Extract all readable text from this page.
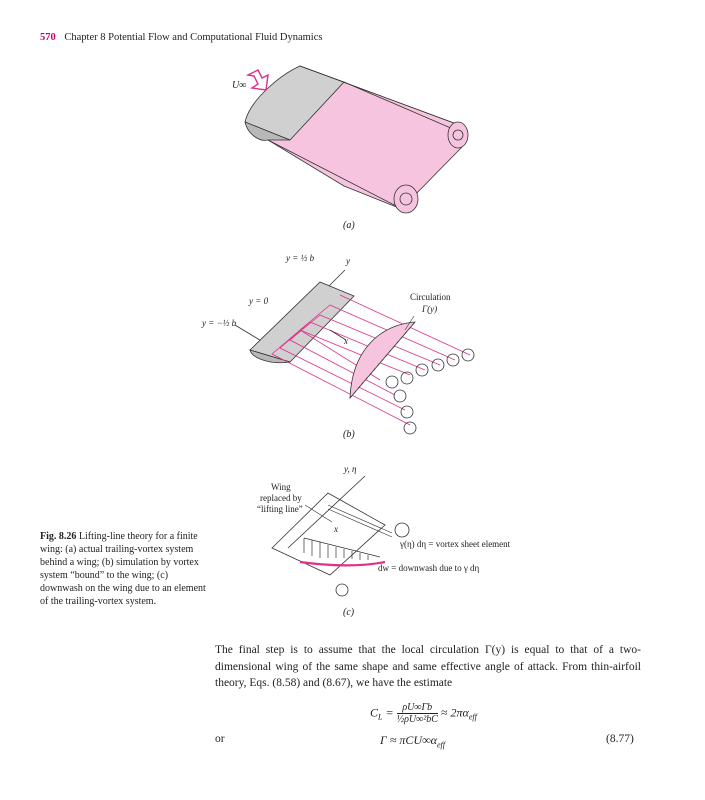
570 Chapter 8 Potential Flow and Computational Fluid Dynamics
U∞
(a)
y = ½ b	y
y = 0
y = −½ b
x
Circulation
Γ(y)
(b)
y, η
Wing
replaced by
“lifting line”
x
γ(η) dη = vortex sheet element
dw = downwash due to γ dη
(c)
Fig. 8.26 Lifting-line theory for a finite wing: (a) actual trailing-vortex system behind a wing; (b) simulation by vortex system “bound” to the wing; (c) downwash on the wing due to an element of the trailing-vortex system.
The final step is to assume that the local circulation Γ(y) is equal to that of a two-dimensional wing of the same shape and same effective angle of attack. From thin-airfoil theory, Eqs. (8.58) and (8.67), we have the estimate
$C_L = \frac{\rho U\infty\Gamma b}{\text{½ρU∞²bC}} \approx 2\pi\alpha_{eff}$
or	$\Gamma \approx \pi CU\infty\alpha_{eff}$	(8.77)
